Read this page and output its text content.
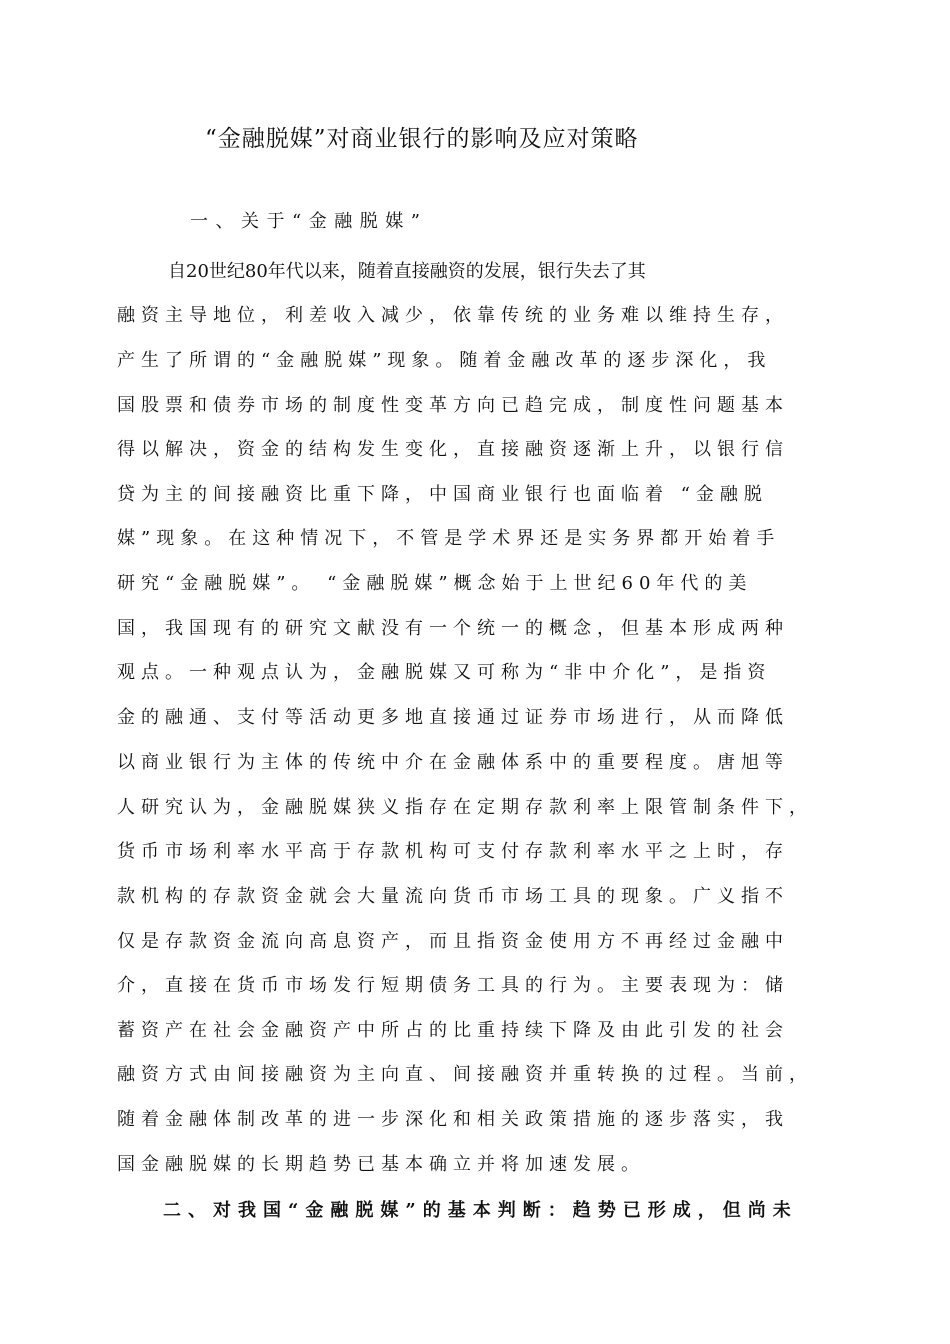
“金融脱媒”对商业银行的影响及应对策略
一、关于“金融脱媒”
自20世纪80年代以来，随着直接融资的发展，银行失去了其
融资主导地位，利差收入减少，依靠传统的业务难以维持生存，
产生了所谓的“金融脱媒”现象。随着金融改革的逐步深化，我
国股票和债券市场的制度性变革方向已趋完成，制度性问题基本
得以解决，资金的结构发生变化，直接融资逐渐上升，以银行信
贷为主的间接融资比重下降，中国商业银行也面临着 “金融脱
媒”现象。在这种情况下，不管是学术界还是实务界都开始着手
研究“金融脱媒”。 “金融脱媒”概念始于上世纪60年代的美
国，我国现有的研究文献没有一个统一的概念，但基本形成两种
观点。一种观点认为，金融脱媒又可称为“非中介化”，是指资
金的融通、支付等活动更多地直接通过证券市场进行，从而降低
以商业银行为主体的传统中介在金融体系中的重要程度。唐旭等
人研究认为，金融脱媒狭义指存在定期存款利率上限管制条件下，
货币市场利率水平高于存款机构可支付存款利率水平之上时，存
款机构的存款资金就会大量流向货币市场工具的现象。广义指不
仅是存款资金流向高息资产，而且指资金使用方不再经过金融中
介，直接在货币市场发行短期债务工具的行为。主要表现为：储
蓄资产在社会金融资产中所占的比重持续下降及由此引发的社会
融资方式由间接融资为主向直、间接融资并重转换的过程。当前，
随着金融体制改革的进一步深化和相关政策措施的逐步落实，我
国金融脱媒的长期趋势已基本确立并将加速发展。
二、对我国“金融脱媒”的基本判断：趋势已形成，但尚未
